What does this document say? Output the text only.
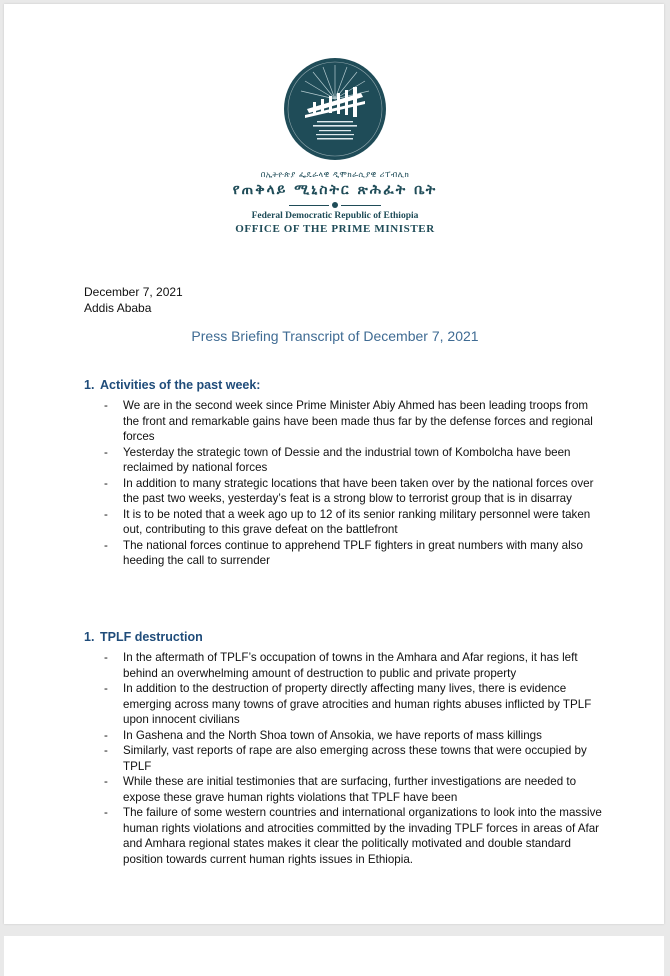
በኢትዮጵያ ፌዴራላዊ ዲሞክራሲያዊ ሪፐብሊክ
የጠቅላይ ሚኒስትር ጽሕፈት ቤት
Federal Democratic Republic of Ethiopia
OFFICE OF THE PRIME MINISTER
December 7, 2021
Addis Ababa
Press Briefing Transcript of December 7, 2021
1. Activities of the past week:
- We are in the second week since Prime Minister Abiy Ahmed has been leading troops from the front and remarkable gains have been made thus far by the defense forces and regional forces
- Yesterday the strategic town of Dessie and the industrial town of Kombolcha have been reclaimed by national forces
- In addition to many strategic locations that have been taken over by the national forces over the past two weeks, yesterday’s feat is a strong blow to terrorist group that is in disarray
- It is to be noted that a week ago up to 12 of its senior ranking military personnel were taken out, contributing to this grave defeat on the battlefront
- The national forces continue to apprehend TPLF fighters in great numbers with many also heeding the call to surrender
1. TPLF destruction
- In the aftermath of TPLF’s occupation of towns in the Amhara and Afar regions, it has left behind an overwhelming amount of destruction to public and private property
- In addition to the destruction of property directly affecting many lives, there is evidence emerging across many towns of grave atrocities and human rights abuses inflicted by TPLF upon innocent civilians
- In Gashena and the North Shoa town of Ansokia, we have reports of mass killings
- Similarly, vast reports of rape are also emerging across these towns that were occupied by TPLF
- While these are initial testimonies that are surfacing, further investigations are needed to expose these grave human rights violations that TPLF have been
- The failure of some western countries and international organizations to look into the massive human rights violations and atrocities committed by the invading TPLF forces in areas of Afar and Amhara regional states makes it clear the politically motivated and double standard position towards current human rights issues in Ethiopia.
